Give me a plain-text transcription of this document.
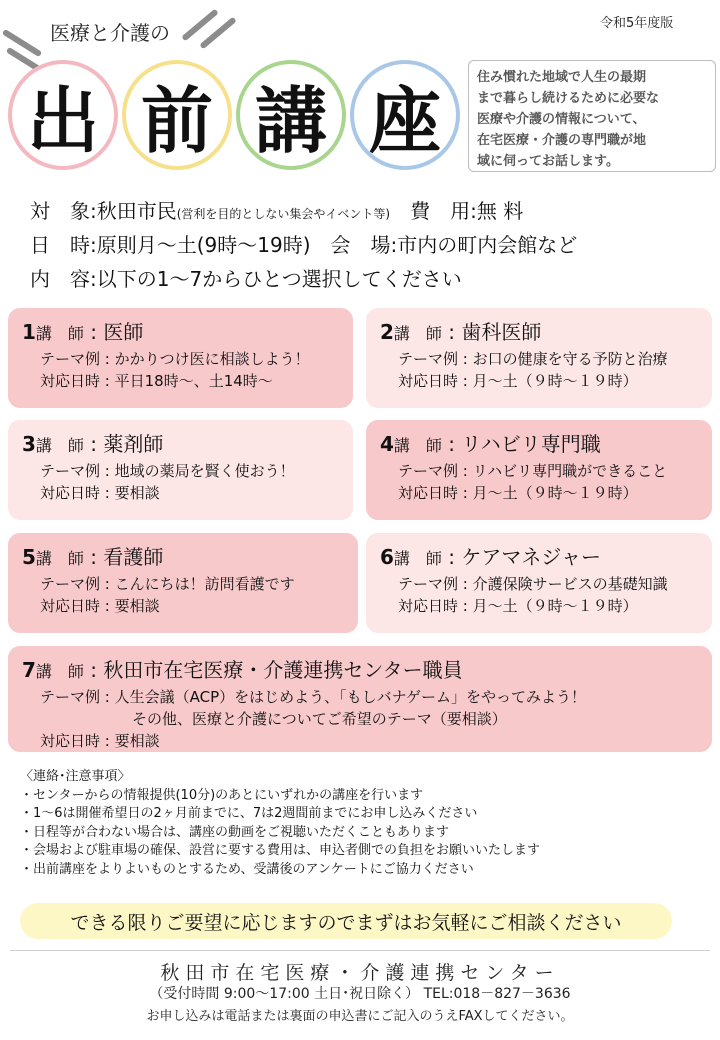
令和5年度版
医療と介護の
出 前 講 座
住み慣れた地域で人生の最期
まで暮らし続けるために必要な
医療や介護の情報について、
在宅医療・介護の専門職が地
域に伺ってお話します。
対　象:秋田市民(営利を目的としない集会やイベント等) 費　用:無 料
日　時:原則月～土(9時～19時) 会　場:市内の町内会館など
内　容:以下の1～7からひとつ選択してください
1講　師 : 医師
テーマ例 : かかりつけ医に相談しよう！
対応日時 : 平日18時～、土14時～
2講　師 : 歯科医師
テーマ例 : お口の健康を守る予防と治療
対応日時 : 月～土（９時～１９時）
3講　師 : 薬剤師
テーマ例 : 地域の薬局を賢く使おう！
対応日時 : 要相談
4講　師 : リハビリ専門職
テーマ例 : リハビリ専門職ができること
対応日時 : 月～土（９時～１９時）
5講　師 : 看護師
テーマ例 : こんにちは！訪問看護です
対応日時 : 要相談
6講　師 : ケアマネジャー
テーマ例 : 介護保険サービスの基礎知識
対応日時 : 月～土（９時～１９時）
7講　師 : 秋田市在宅医療・介護連携センター職員
テーマ例 : 人生会議（ACP）をはじめよう、「もしバナゲーム」をやってみよう！
その他、医療と介護についてご希望のテーマ（要相談）
対応日時 : 要相談
〈連絡･注意事項〉
・センターからの情報提供(10分)のあとにいずれかの講座を行います
・1～6は開催希望日の2ヶ月前までに、7は2週間前までにお申し込みください
・日程等が合わない場合は、講座の動画をご視聴いただくこともあります
・会場および駐車場の確保、設営に要する費用は、申込者側での負担をお願いいたします
・出前講座をよりよいものとするため、受講後のアンケートにご協力ください
できる限りご要望に応じますのでまずはお気軽にご相談ください
秋田市在宅医療・介護連携センター
（受付時間 9:00～17:00 土日･祝日除く） TEL:018－827－3636
お申し込みは電話または裏面の申込書にご記入のうえFAXしてください。
